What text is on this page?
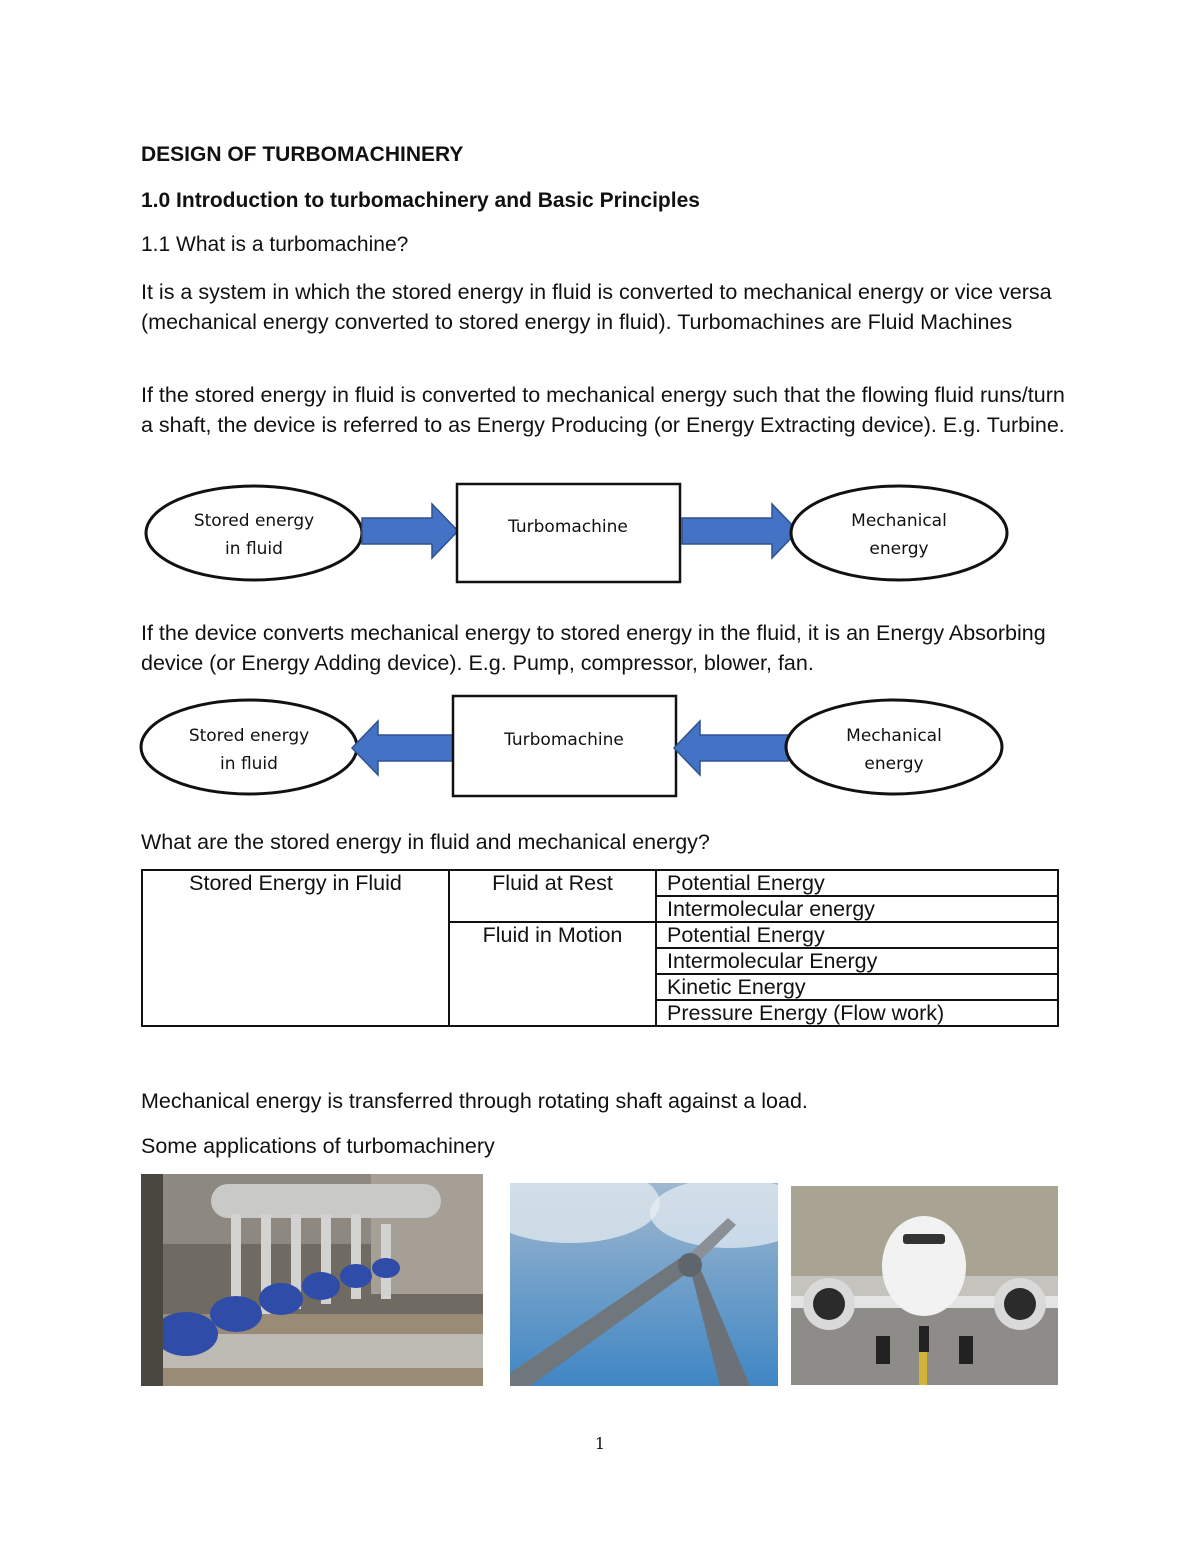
DESIGN OF TURBOMACHINERY
1.0 Introduction to turbomachinery and Basic Principles
1.1 What is a turbomachine?
It is a system in which the stored energy in fluid is converted to mechanical energy or vice versa (mechanical energy converted to stored energy in fluid). Turbomachines are Fluid Machines
If the stored energy in fluid is converted to mechanical energy such that the flowing fluid runs/turn a shaft, the device is referred to as Energy Producing (or Energy Extracting device). E.g. Turbine.
Stored energy
in fluid
Turbomachine	Mechanical
energy
If the device converts mechanical energy to stored energy in the fluid, it is an Energy Absorbing device (or Energy Adding device). E.g. Pump, compressor, blower, fan.
Stored energy
in fluid
Turbomachine	Mechanical
energy
What are the stored energy in fluid and mechanical energy?
Stored Energy in Fluid	Fluid at Rest	Potential Energy
		Intermolecular energy
	Fluid in Motion	Potential Energy
		Intermolecular Energy
		Kinetic Energy
		Pressure Energy (Flow work)
Mechanical energy is transferred through rotating shaft against a load.
Some applications of turbomachinery
1
